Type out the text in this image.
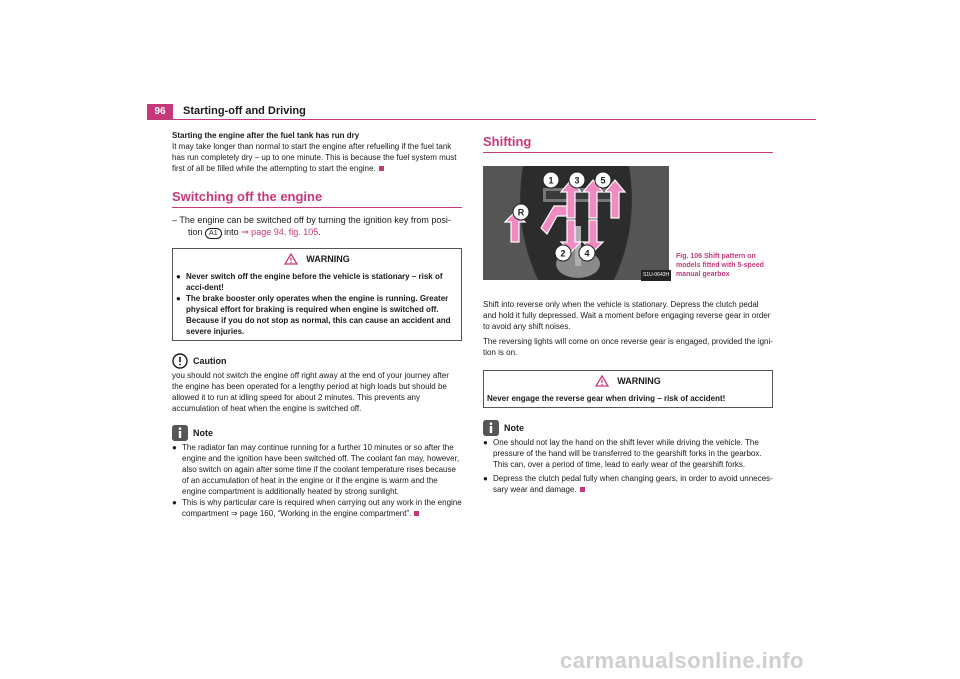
96	Starting-off and Driving

Starting the engine after the fuel tank has run dry

It may take longer than normal to start the engine after refuelling if the fuel tank has run completely dry – up to one minute. This is because the fuel system must first of all be filled while the attempting to start the engine.

Switching off the engine

– The engine can be switched off by turning the ignition key from posi-tion A1 into ⇒ page 94, fig. 105.

WARNING

● Never switch off the engine before the vehicle is stationary – risk of acci-dent!

● The brake booster only operates when the engine is running. Greater physical effort for braking is required when engine is switched off. Because if you do not stop as normal, this can cause an accident and severe injuries.

Caution

you should not switch the engine off right away at the end of your journey after the engine has been operated for a lengthy period at high loads but should be allowed it to run at idling speed for about 2 minutes. This prevents any accumulation of heat when the engine is switched off.

Note

● The radiator fan may continue running for a further 10 minutes or so after the engine and the ignition have been switched off. The coolant fan may, however, also switch on again after some time if the coolant temperature rises because of an accumulation of heat in the engine or if the engine is warm and the engine compartment is additionally heated by strong sunlight.

● This is why particular care is required when carrying out any work in the engine compartment ⇒ page 160, “Working in the engine compartment”.

Shifting
1 3 5
R
2 4
S1U-0643H
Fig. 106 Shift pattern on models fitted with 5-speed manual gearbox

Shift into reverse only when the vehicle is stationary. Depress the clutch pedal and hold it fully depressed. Wait a moment before engaging reverse gear in order to avoid any shift noises.

The reversing lights will come on once reverse gear is engaged, provided the igni-tion is on.

WARNING

Never engage the reverse gear when driving – risk of accident!

Note

● One should not lay the hand on the shift lever while driving the vehicle. The pressure of the hand will be transferred to the gearshift forks in the gearbox. This can, over a period of time, lead to early wear of the gearshift forks.

● Depress the clutch pedal fully when changing gears, in order to avoid unneces-sary wear and damage.

carmanualsonline.info
